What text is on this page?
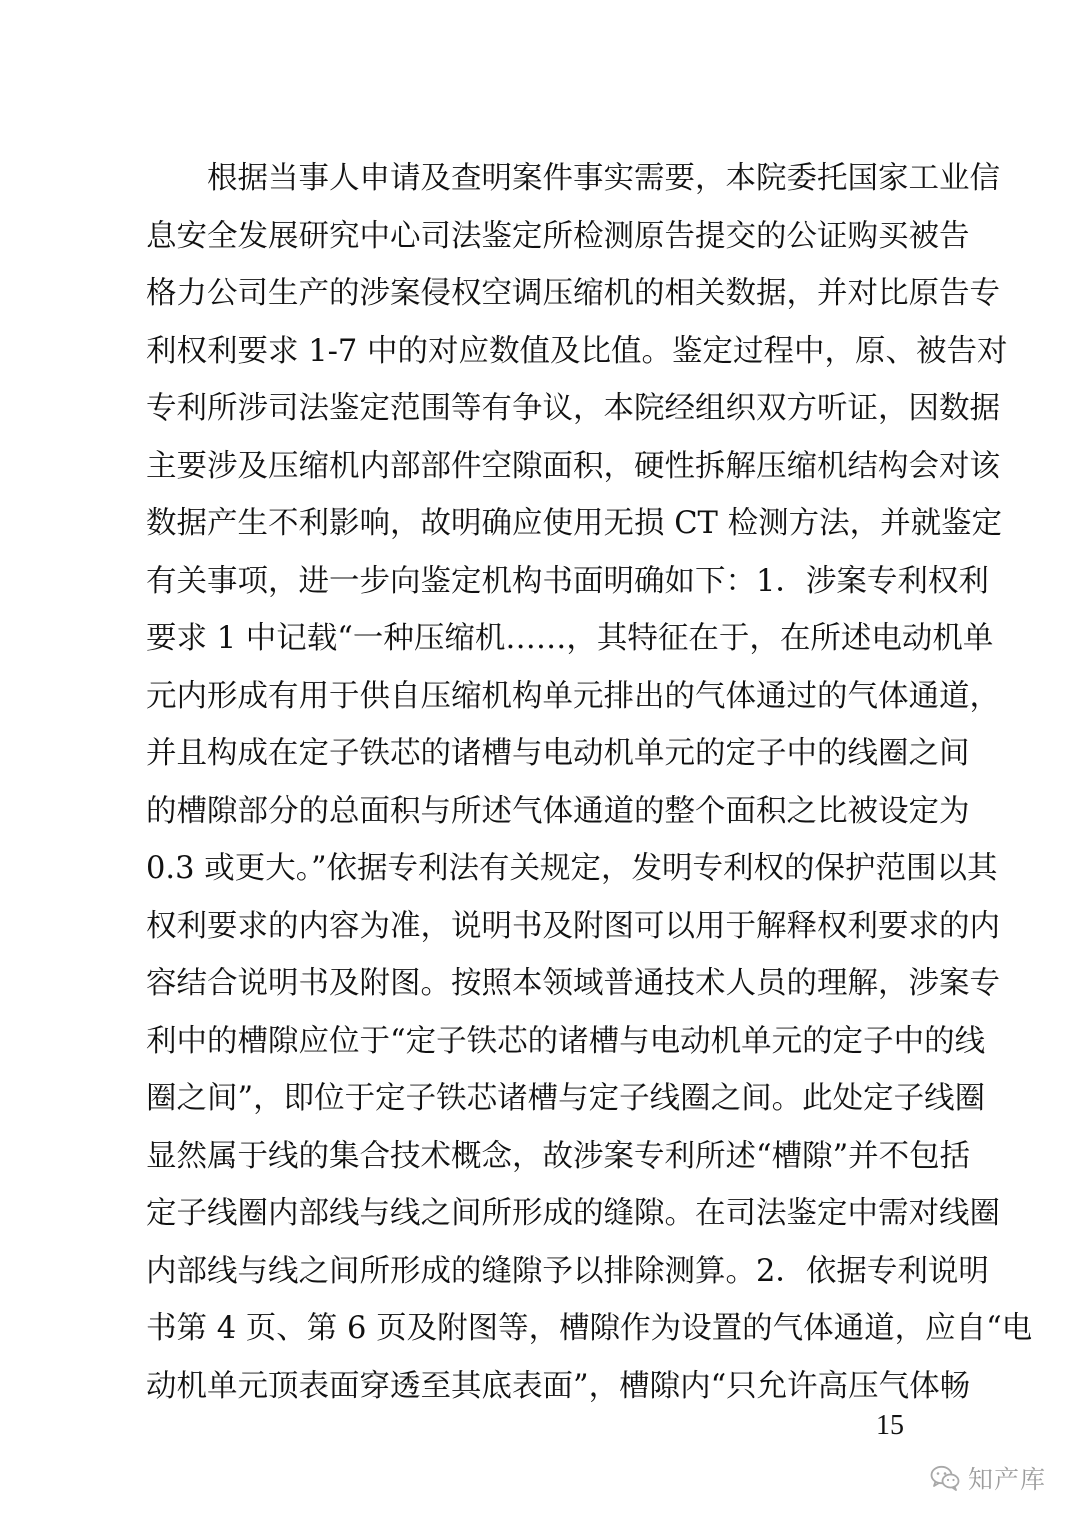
根据当事人申请及查明案件事实需要，本院委托国家工业信
息安全发展研究中心司法鉴定所检测原告提交的公证购买被告
格力公司生产的涉案侵权空调压缩机的相关数据，并对比原告专
利权利要求 1-7 中的对应数值及比值。鉴定过程中，原、被告对
专利所涉司法鉴定范围等有争议，本院经组织双方听证，因数据
主要涉及压缩机内部部件空隙面积，硬性拆解压缩机结构会对该
数据产生不利影响，故明确应使用无损 CT 检测方法，并就鉴定
有关事项，进一步向鉴定机构书面明确如下：1．涉案专利权利
要求 1 中记载“一种压缩机……，其特征在于，在所述电动机单
元内形成有用于供自压缩机构单元排出的气体通过的气体通道，
并且构成在定子铁芯的诸槽与电动机单元的定子中的线圈之间
的槽隙部分的总面积与所述气体通道的整个面积之比被设定为
0.3 或更大。”依据专利法有关规定，发明专利权的保护范围以其
权利要求的内容为准，说明书及附图可以用于解释权利要求的内
容结合说明书及附图。按照本领域普通技术人员的理解，涉案专
利中的槽隙应位于“定子铁芯的诸槽与电动机单元的定子中的线
圈之间”，即位于定子铁芯诸槽与定子线圈之间。此处定子线圈
显然属于线的集合技术概念，故涉案专利所述“槽隙”并不包括
定子线圈内部线与线之间所形成的缝隙。在司法鉴定中需对线圈
内部线与线之间所形成的缝隙予以排除测算。2．依据专利说明
书第 4 页、第 6 页及附图等，槽隙作为设置的气体通道，应自“电
动机单元顶表面穿透至其底表面”，槽隙内“只允许高压气体畅
15
知产库
